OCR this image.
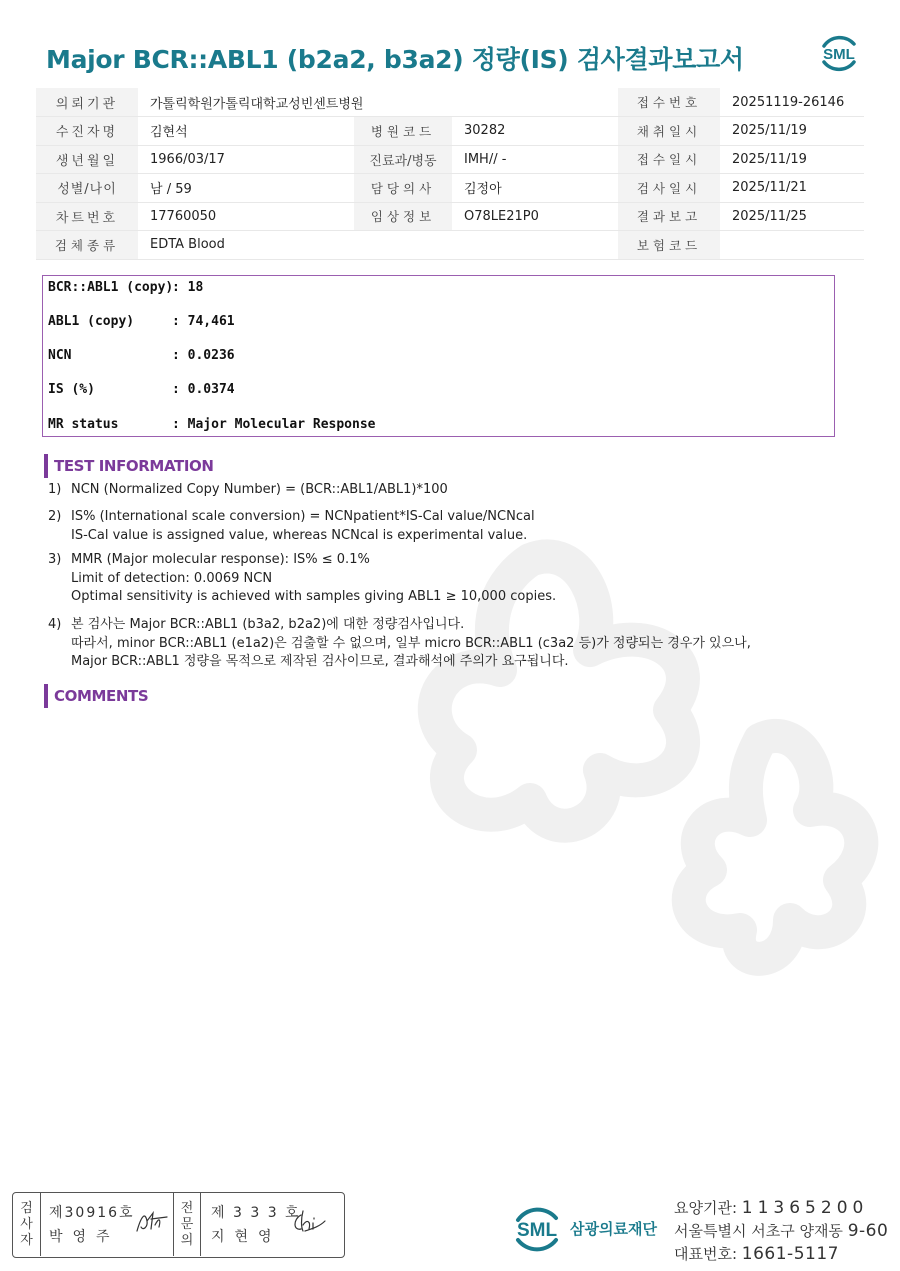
Major BCR::ABL1 (b2a2, b3a2) 정량(IS) 검사결과보고서	SML
의뢰기관	가톨릭학원가톨릭대학교성빈센트병원			접수번호	20251119-26146
수진자명	김현석	병원코드	30282	채취일시	2025/11/19
생년월일	1966/03/17	진료과/병동	IMH// -	접수일시	2025/11/19
성별/나이	남 / 59	담당의사	김정아	검사일시	2025/11/21
차트번호	17760050	임상정보	O78LE21P0	결과보고	2025/11/25
검체종류	EDTA Blood			보험코드	
BCR::ABL1 (copy): 18
ABL1 (copy)	: 74,461
NCN	: 0.0236
IS (%)	: 0.0374
MR status	: Major Molecular Response
TEST INFORMATION
1) NCN (Normalized Copy Number) = (BCR::ABL1/ABL1)*100
2) IS% (International scale conversion) = NCNpatient*IS-Cal value/NCNcal
IS-Cal value is assigned value, whereas NCNcal is experimental value.
3) MMR (Major molecular response): IS% ≤ 0.1%
Limit of detection: 0.0069 NCN
Optimal sensitivity is achieved with samples giving ABL1 ≥ 10,000 copies.
4) 본 검사는 Major BCR::ABL1 (b3a2, b2a2)에 대한 정량검사입니다.
따라서, minor BCR::ABL1 (e1a2)은 검출할 수 없으며, 일부 micro BCR::ABL1 (c3a2 등)가 정량되는 경우가 있으나,
Major BCR::ABL1 정량을 목적으로 제작된 검사이므로, 결과해석에 주의가 요구됩니다.
COMMENTS
검
사
자
제30916호
박영주
전
문
의
제 3 3 3 호
지현영	SML 삼광의료재단
요양기관: 11365200
서울특별시 서초구 양재동 9-60
대표번호: 1661-5117
